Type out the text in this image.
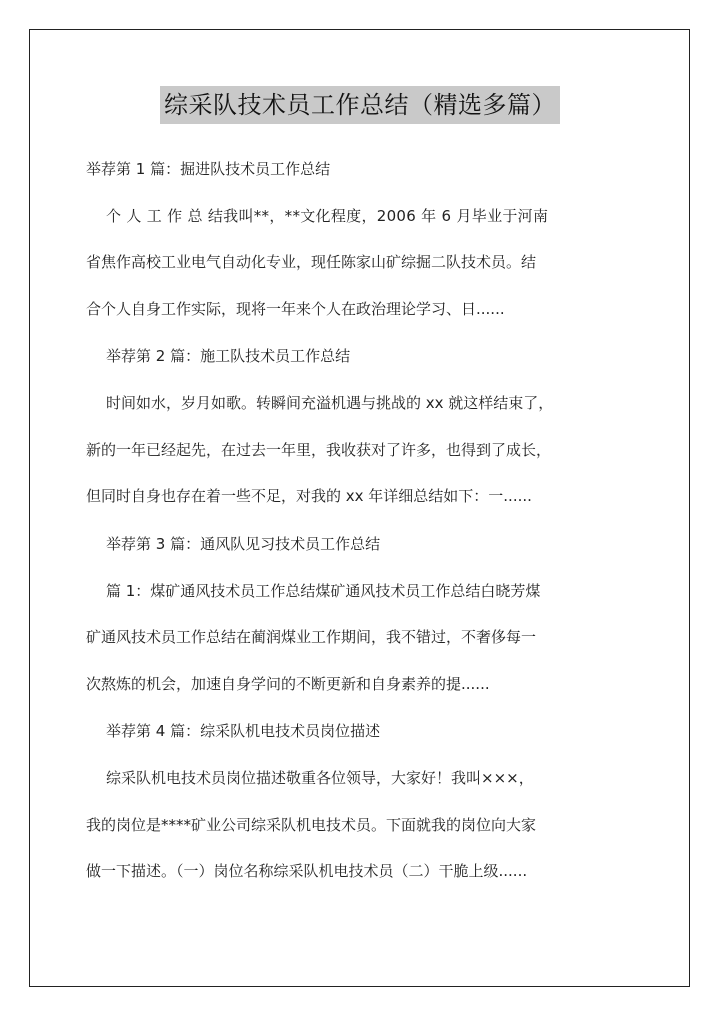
综采队技术员工作总结（精选多篇）
举荐第 1 篇：掘进队技术员工作总结
个 人 工 作 总 结我叫**，**文化程度，2006 年 6 月毕业于河南
省焦作高校工业电气自动化专业，现任陈家山矿综掘二队技术员。结
合个人自身工作实际，现将一年来个人在政治理论学习、日......
举荐第 2 篇：施工队技术员工作总结
时间如水，岁月如歌。转瞬间充溢机遇与挑战的 xx 就这样结束了，
新的一年已经起先，在过去一年里，我收获对了许多，也得到了成长，
但同时自身也存在着一些不足，对我的 xx 年详细总结如下：一......
举荐第 3 篇：通风队见习技术员工作总结
篇 1：煤矿通风技术员工作总结煤矿通风技术员工作总结白晓芳煤
矿通风技术员工作总结在蔺润煤业工作期间，我不错过，不奢侈每一
次熬炼的机会，加速自身学问的不断更新和自身素养的提......
举荐第 4 篇：综采队机电技术员岗位描述
综采队机电技术员岗位描述敬重各位领导，大家好！我叫×××，
我的岗位是****矿业公司综采队机电技术员。下面就我的岗位向大家
做一下描述。（一）岗位名称综采队机电技术员（二）干脆上级......
